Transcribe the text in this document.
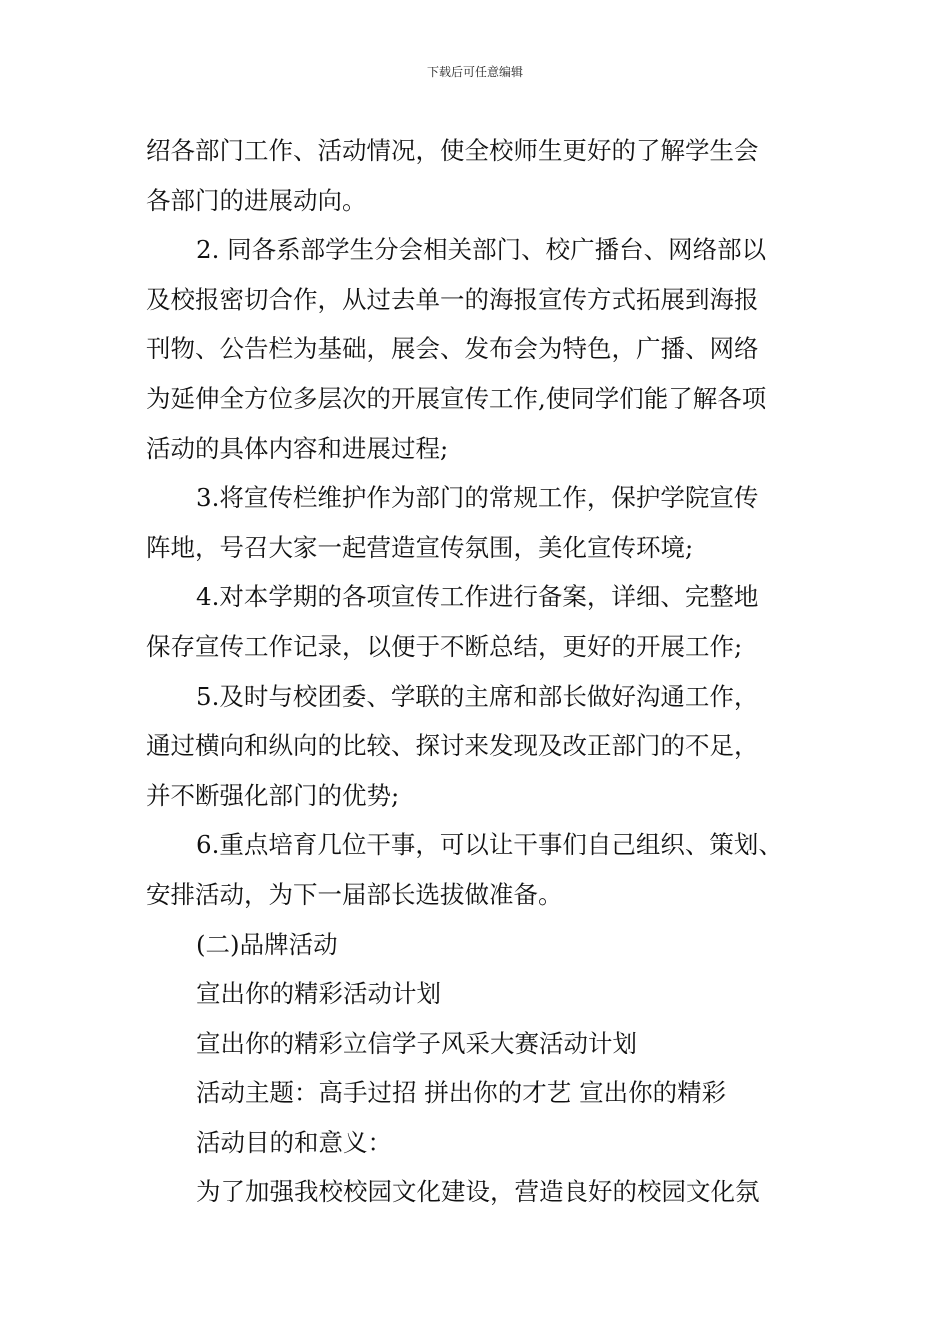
下载后可任意编辑
绍各部门工作、活动情况，使全校师生更好的了解学生会
各部门的进展动向。
2. 同各系部学生分会相关部门、校广播台、网络部以
及校报密切合作，从过去单一的海报宣传方式拓展到海报
刊物、公告栏为基础，展会、发布会为特色，广播、网络
为延伸全方位多层次的开展宣传工作,使同学们能了解各项
活动的具体内容和进展过程;
3.将宣传栏维护作为部门的常规工作，保护学院宣传
阵地，号召大家一起营造宣传氛围，美化宣传环境;
4.对本学期的各项宣传工作进行备案，详细、完整地
保存宣传工作记录，以便于不断总结，更好的开展工作;
5.及时与校团委、学联的主席和部长做好沟通工作，
通过横向和纵向的比较、探讨来发现及改正部门的不足，
并不断强化部门的优势;
6.重点培育几位干事，可以让干事们自己组织、策划、
安排活动，为下一届部长选拔做准备。
(二)品牌活动
宣出你的精彩活动计划
宣出你的精彩立信学子风采大赛活动计划
活动主题：高手过招 拼出你的才艺 宣出你的精彩
活动目的和意义：
为了加强我校校园文化建设，营造良好的校园文化氛
